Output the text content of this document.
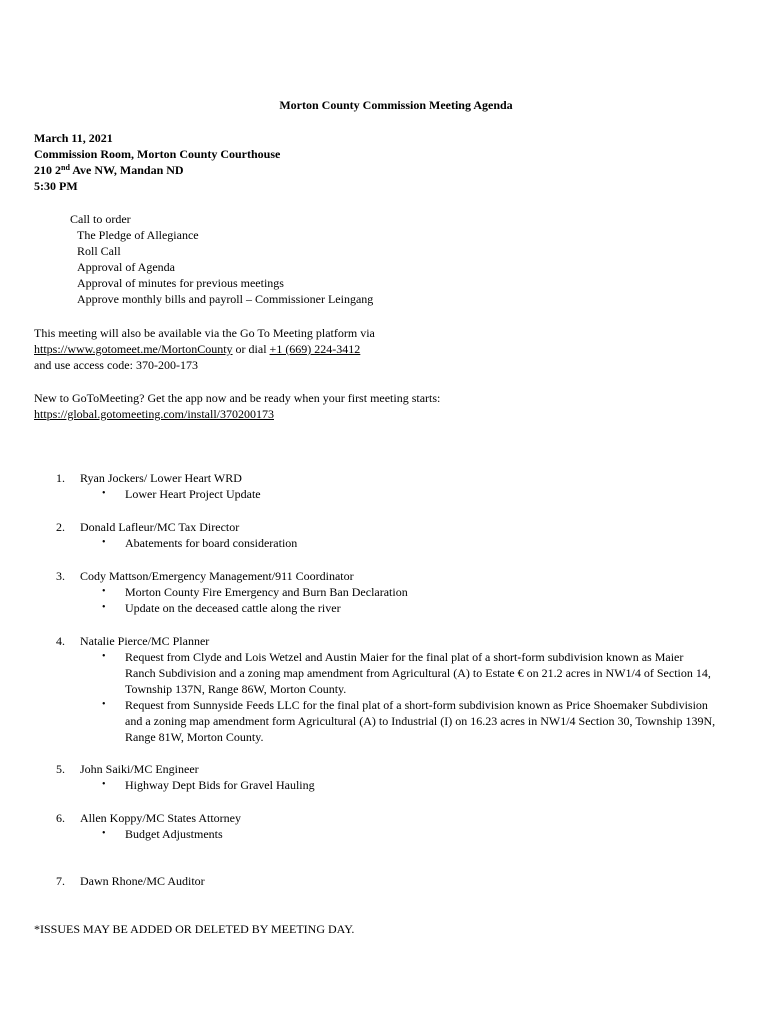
Morton County Commission Meeting Agenda
March 11, 2021
Commission Room, Morton County Courthouse
210 2nd Ave NW, Mandan ND
5:30 PM
Call to order
The Pledge of Allegiance
Roll Call
Approval of Agenda
Approval of minutes for previous meetings
Approve monthly bills and payroll – Commissioner Leingang
This meeting will also be available via the Go To Meeting platform via
https://www.gotomeet.me/MortonCounty or dial +1 (669) 224-3412
and use access code: 370-200-173
New to GoToMeeting? Get the app now and be ready when your first meeting starts:
https://global.gotomeeting.com/install/370200173
1. Ryan Jockers/ Lower Heart WRD
• Lower Heart Project Update
2. Donald Lafleur/MC Tax Director
• Abatements for board consideration
3. Cody Mattson/Emergency Management/911 Coordinator
• Morton County Fire Emergency and Burn Ban Declaration
• Update on the deceased cattle along the river
4. Natalie Pierce/MC Planner
• Request from Clyde and Lois Wetzel and Austin Maier for the final plat of a short-form subdivision known as Maier Ranch Subdivision and a zoning map amendment from Agricultural (A) to Estate € on 21.2 acres in NW1/4 of Section 14, Township 137N, Range 86W, Morton County.
• Request from Sunnyside Feeds LLC for the final plat of a short-form subdivision known as Price Shoemaker Subdivision and a zoning map amendment form Agricultural (A) to Industrial (I) on 16.23 acres in NW1/4 Section 30, Township 139N, Range 81W, Morton County.
5. John Saiki/MC Engineer
• Highway Dept Bids for Gravel Hauling
6. Allen Koppy/MC States Attorney
• Budget Adjustments
7. Dawn Rhone/MC Auditor
*ISSUES MAY BE ADDED OR DELETED BY MEETING DAY.
